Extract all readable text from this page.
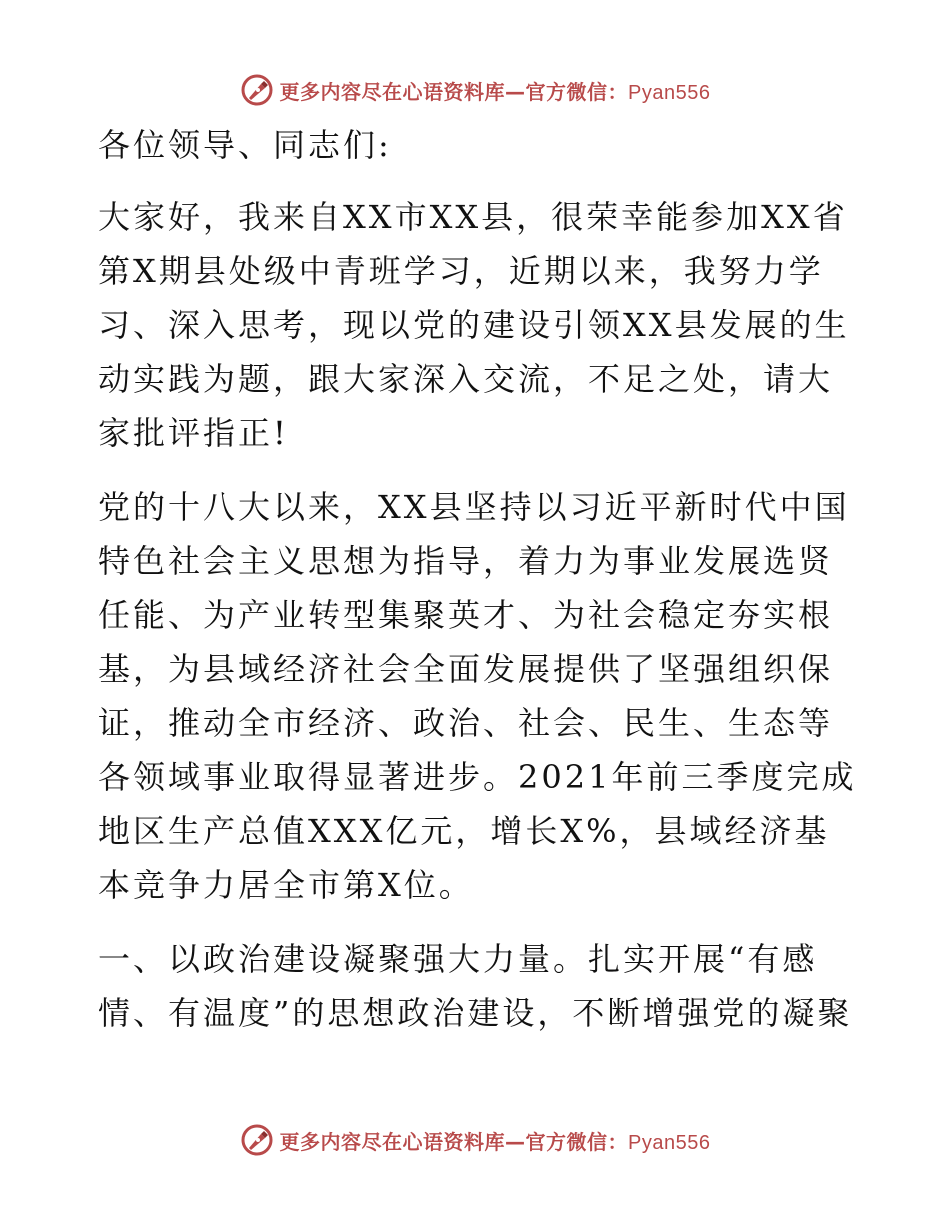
更多内容尽在心语资料库—官方微信：Pyan556

各位领导、同志们:

大家好，我来自XX市XX县，很荣幸能参加XX省第X期县处级中青班学习，近期以来，我努力学习、深入思考，现以党的建设引领XX县发展的生动实践为题，跟大家深入交流，不足之处，请大家批评指正!

党的十八大以来，XX县坚持以习近平新时代中国特色社会主义思想为指导，着力为事业发展选贤任能、为产业转型集聚英才、为社会稳定夯实根基，为县域经济社会全面发展提供了坚强组织保证，推动全市经济、政治、社会、民生、生态等各领域事业取得显著进步。2021年前三季度完成地区生产总值XXX亿元，增长X%，县域经济基本竞争力居全市第X位。

一、以政治建设凝聚强大力量。扎实开展“有感情、有温度”的思想政治建设，不断增强党的凝聚

更多内容尽在心语资料库—官方微信：Pyan556
